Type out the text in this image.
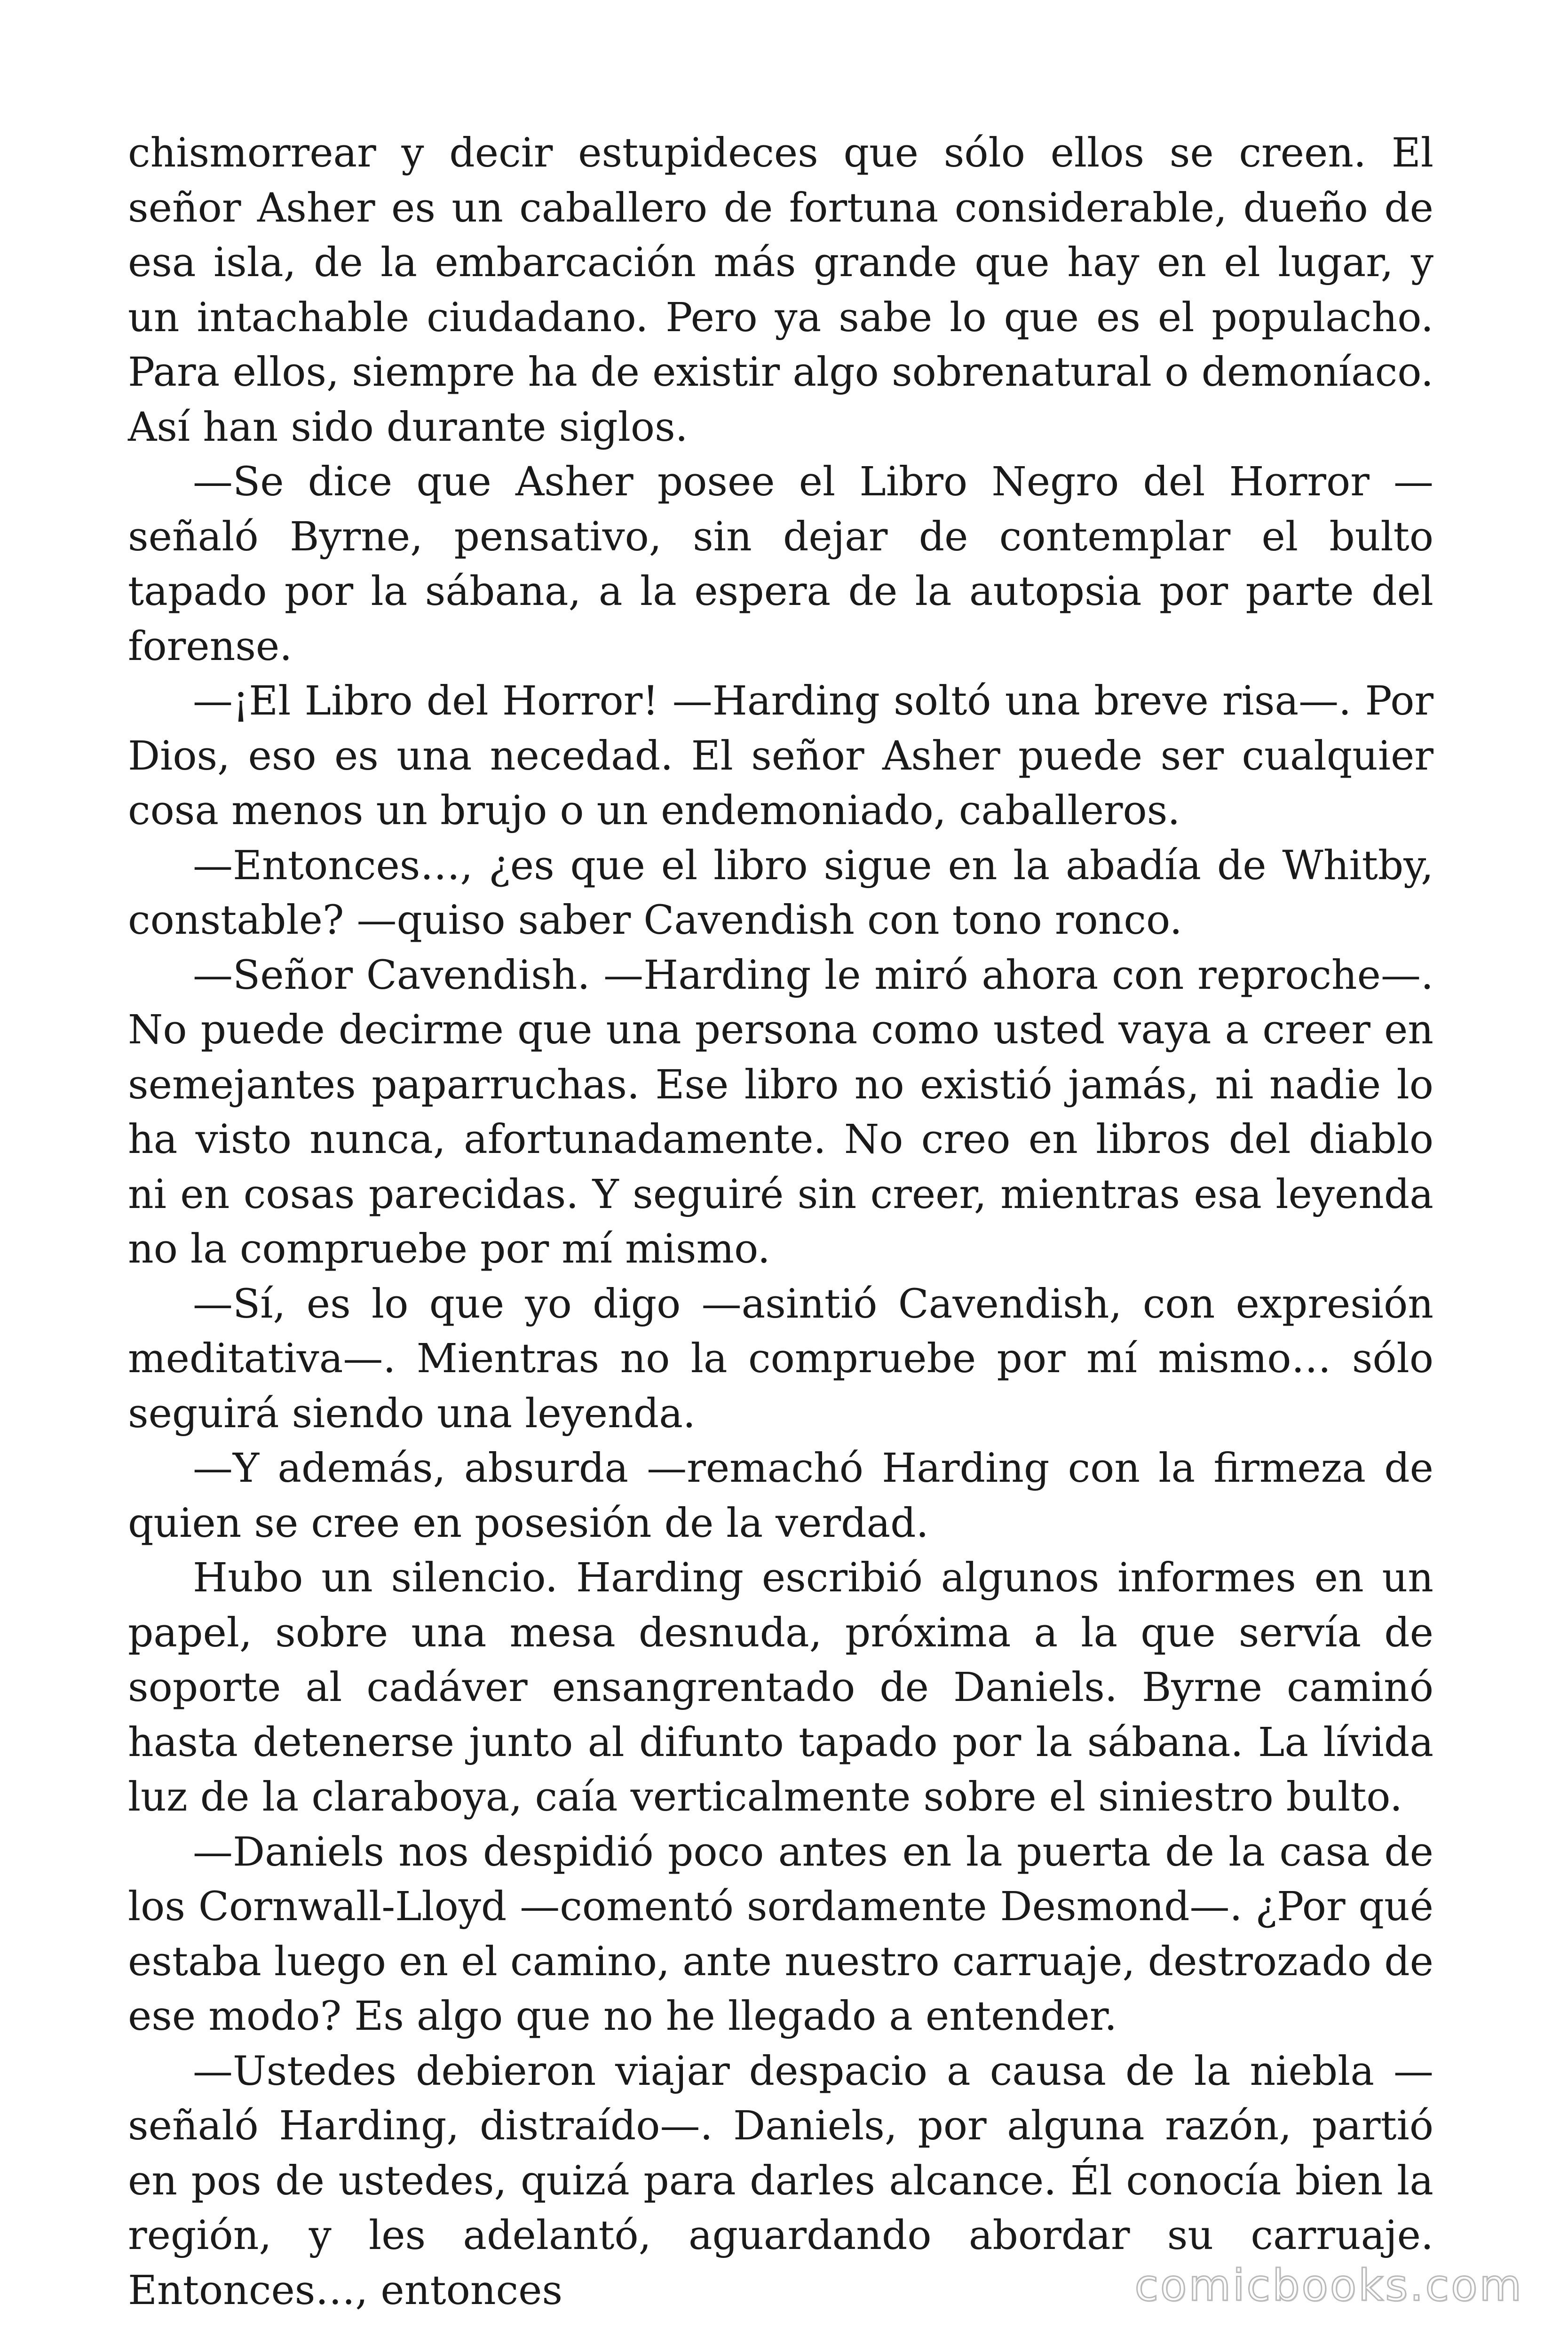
chismorrear y decir estupideces que sólo ellos se creen. El señor Asher es un caballero de fortuna considerable, dueño de esa isla, de la embarcación más grande que hay en el lugar, y un intachable ciudadano. Pero ya sabe lo que es el populacho. Para ellos, siempre ha de existir algo sobrenatural o demoníaco. Así han sido durante siglos.

—Se dice que Asher posee el Libro Negro del Horror —señaló Byrne, pensativo, sin dejar de contemplar el bulto tapado por la sábana, a la espera de la autopsia por parte del forense.

—¡El Libro del Horror! —Harding soltó una breve risa—. Por Dios, eso es una necedad. El señor Asher puede ser cualquier cosa menos un brujo o un endemoniado, caballeros.

—Entonces…, ¿es que el libro sigue en la abadía de Whitby, constable? —quiso saber Cavendish con tono ronco.

—Señor Cavendish. —Harding le miró ahora con reproche—. No puede decirme que una persona como usted vaya a creer en semejantes paparruchas. Ese libro no existió jamás, ni nadie lo ha visto nunca, afortunadamente. No creo en libros del diablo ni en cosas parecidas. Y seguiré sin creer, mientras esa leyenda no la compruebe por mí mismo.

—Sí, es lo que yo digo —asintió Cavendish, con expresión meditativa—. Mientras no la compruebe por mí mismo… sólo seguirá siendo una leyenda.

—Y además, absurda —remachó Harding con la firmeza de quien se cree en posesión de la verdad.

Hubo un silencio. Harding escribió algunos informes en un papel, sobre una mesa desnuda, próxima a la que servía de soporte al cadáver ensangrentado de Daniels. Byrne caminó hasta detenerse junto al difunto tapado por la sábana. La lívida luz de la claraboya, caía verticalmente sobre el siniestro bulto.

—Daniels nos despidió poco antes en la puerta de la casa de los Cornwall-Lloyd —comentó sordamente Desmond—. ¿Por qué estaba luego en el camino, ante nuestro carruaje, destrozado de ese modo? Es algo que no he llegado a entender.

—Ustedes debieron viajar despacio a causa de la niebla —señaló Harding, distraído—. Daniels, por alguna razón, partió en pos de ustedes, quizá para darles alcance. Él conocía bien la región, y les adelantó, aguardando abordar su carruaje. Entonces…, entonces	comicbooks.com
